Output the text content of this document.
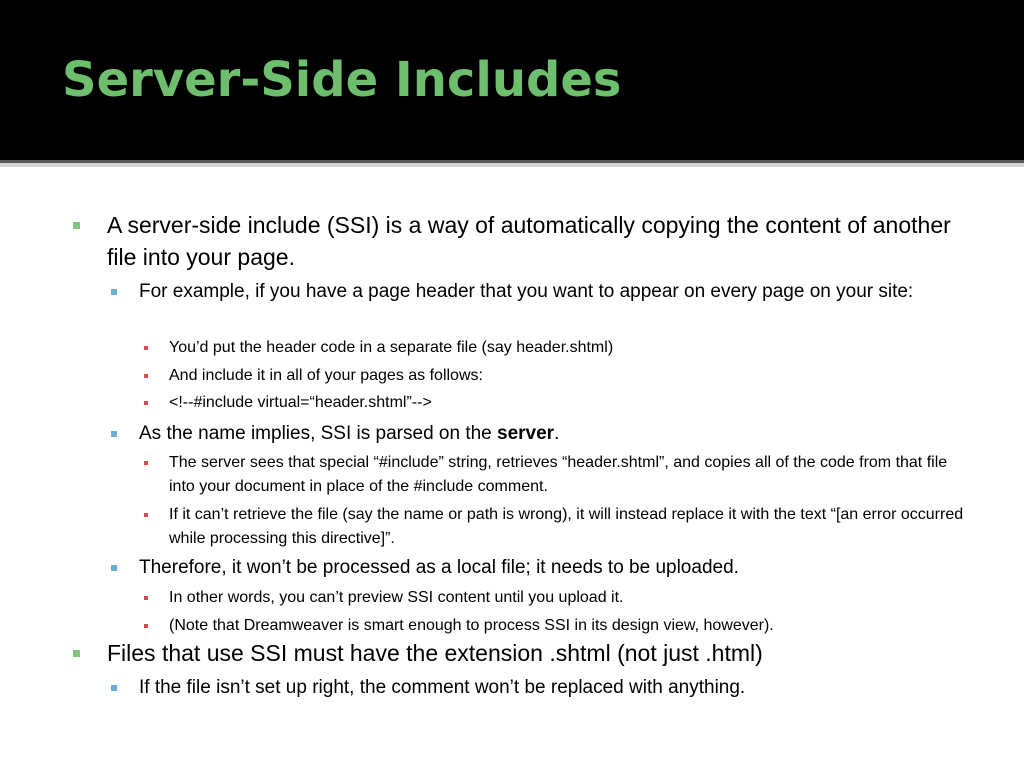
Server-Side Includes
A server-side include (SSI) is a way of automatically copying the content of another file into your page.
For example, if you have a page header that you want to appear on every page on your site:
You’d put the header code in a separate file (say header.shtml)
And include it in all of your pages as follows:
<!--#include virtual=“header.shtml”-->
As the name implies, SSI is parsed on the server.
The server sees that special “#include” string, retrieves “header.shtml”, and copies all of the code from that file into your document in place of the #include comment.
If it can’t retrieve the file (say the name or path is wrong), it will instead replace it with the text “[an error occurred while processing this directive]”.
Therefore, it won’t be processed as a local file; it needs to be uploaded.
In other words, you can’t preview SSI content until you upload it.
(Note that Dreamweaver is smart enough to process SSI in its design view, however).
Files that use SSI must have the extension .shtml (not just .html)
If the file isn’t set up right, the comment won’t be replaced with anything.
